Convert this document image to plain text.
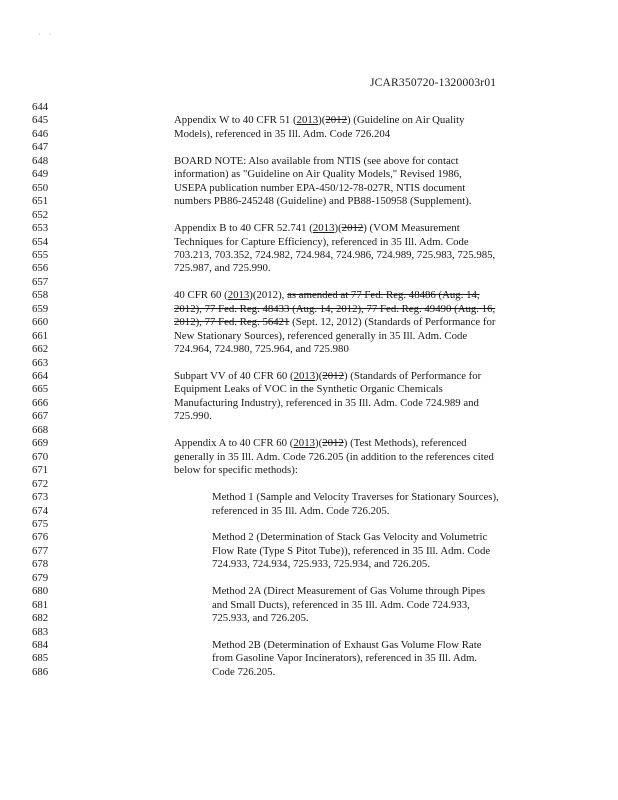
·    ·
JCAR350720-1320003r01
644
645	Appendix W to 40 CFR 51 (2013)(2012) (Guideline on Air Quality
646	Models), referenced in 35 Ill. Adm. Code 726.204
647
648	BOARD NOTE: Also available from NTIS (see above for contact
649	information) as "Guideline on Air Quality Models," Revised 1986,
650	USEPA publication number EPA-450/12-78-027R, NTIS document
651	numbers PB86-245248 (Guideline) and PB88-150958 (Supplement).
652
653	Appendix B to 40 CFR 52.741 (2013)(2012) (VOM Measurement
654	Techniques for Capture Efficiency), referenced in 35 Ill. Adm. Code
655	703.213, 703.352, 724.982, 724.984, 724.986, 724.989, 725.983, 725.985,
656	725.987, and 725.990.
657
658	40 CFR 60 (2013)(2012), as amended at 77 Fed. Reg. 48486 (Aug. 14,
659	2012), 77 Fed. Reg. 48433 (Aug. 14, 2012), 77 Fed. Reg. 49490 (Aug. 16,
660	2012), 77 Fed. Reg. 56421 (Sept. 12, 2012) (Standards of Performance for
661	New Stationary Sources), referenced generally in 35 Ill. Adm. Code
662	724.964, 724.980, 725.964, and 725.980
663
664	Subpart VV of 40 CFR 60 (2013)(2012) (Standards of Performance for
665	Equipment Leaks of VOC in the Synthetic Organic Chemicals
666	Manufacturing Industry), referenced in 35 Ill. Adm. Code 724.989 and
667	725.990.
668
669	Appendix A to 40 CFR 60 (2013)(2012) (Test Methods), referenced
670	generally in 35 Ill. Adm. Code 726.205 (in addition to the references cited
671	below for specific methods):
672
673	Method 1 (Sample and Velocity Traverses for Stationary Sources),
674	referenced in 35 Ill. Adm. Code 726.205.
675
676	Method 2 (Determination of Stack Gas Velocity and Volumetric
677	Flow Rate (Type S Pitot Tube)), referenced in 35 Ill. Adm. Code
678	724.933, 724.934, 725.933, 725.934, and 726.205.
679
680	Method 2A (Direct Measurement of Gas Volume through Pipes
681	and Small Ducts), referenced in 35 Ill. Adm. Code 724.933,
682	725.933, and 726.205.
683
684	Method 2B (Determination of Exhaust Gas Volume Flow Rate
685	from Gasoline Vapor Incinerators), referenced in 35 Ill. Adm.
686	Code 726.205.
